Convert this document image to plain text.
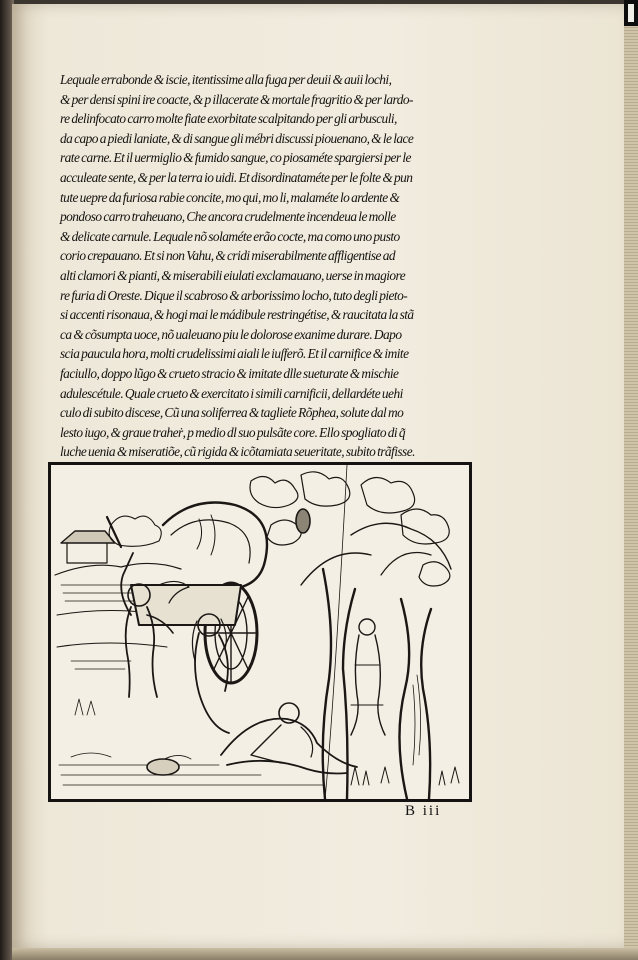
Lequale errabonde & iscie, itentissime alla fuga per deuii & auii lochi,
& per densi spini ire coacte, & p illacerate & mortale fragritio & per lardo-
re delinfocato carro molte fiate exorbitate scalpitando per gli arbusculi,
da capo a piedi laniate, & di sangue gli mébri discussi piouenano, & le lace
rate carne. Et il uermiglio & fumido sangue, co piosaméte spargiersi per le
acculeate sente, & per la terra io uidi. Et disordinataméte per le folte & pun
tute uepre da furiosa rabie concite, mo qui, mo li, malaméte lo ardente &
pondoso carro traheuano, Che ancora crudelmente incendeua le molle
& delicate carnule. Lequale nõ solaméte erão cocte, ma como uno pusto
corio crepauano. Et si non Vahu, & cridi miserabilmente affligentise ad
alti clamori & pianti, & miserabili eiulati exclamauano, uerse in magiore
re furia di Oreste. Dique il scabroso & arborissimo locho, tuto degli pieto-
si accenti risonaua, & hogi mai le mádibule restringétise, & raucitata la stã
ca & cõsumpta uoce, nõ ualeuano piu le dolorose exanime durare. Dapo
scia paucula hora, molti crudelissimi aiali le iuſferõ. Et il carnifice & imite
faciullo, doppo lũgo & crueto stracio & imitate dlle sueturate & mischie
adulescétule. Quale crueto & exercitato i simili carnificii, dellardéte uehi
culo di subito discese, Cũ una soliferrea & taglieṫe Rõphea, solute dal mo
lesto iugo, & graue traheṙ, p medio dl suo pulsãte core. Ello spogliato di q̃
luche uenia & miseratiõe, cũ rigida & icõtamiata seueritate, subito trãfisse.
B iii
